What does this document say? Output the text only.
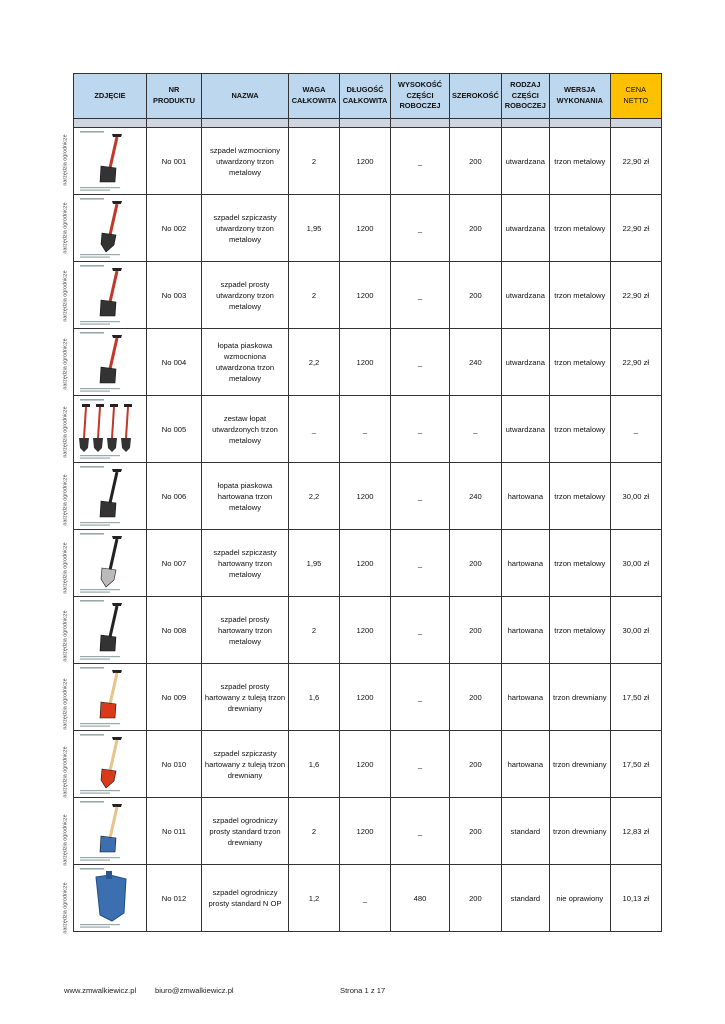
ZDJĘCIE	NR PRODUKTU	NAZWA	WAGA CAŁKOWITA	DŁUGOŚĆ CAŁKOWITA	WYSOKOŚĆ CZĘŚCI ROBOCZEJ	SZEROKOŚĆ	RODZAJ CZĘŚCI ROBOCZEJ	WERSJA WYKONANIA	CENA NETTO

	No 001	szpadel wzmocniony utwardzony trzon metalowy	2	1200	_	200	utwardzana	trzon metalowy	22,90 zł

	No 002	szpadel szpiczasty utwardzony trzon metalowy	1,95	1200	_	200	utwardzana	trzon metalowy	22,90 zł

	No 003	szpadel prosty utwardzony trzon metalowy	2	1200	_	200	utwardzana	trzon metalowy	22,90 zł

	No 004	łopata piaskowa wzmocniona utwardzona trzon metalowy	2,2	1200	_	240	utwardzana	trzon metalowy	22,90 zł

	No 005	zestaw łopat utwardzonych trzon metalowy	_	_	_	_	utwardzana	trzon metalowy	_

	No 006	łopata piaskowa hartowana trzon metalowy	2,2	1200	_	240	hartowana	trzon metalowy	30,00 zł

	No 007	szpadel szpiczasty hartowany trzon metalowy	1,95	1200	_	200	hartowana	trzon metalowy	30,00 zł

	No 008	szpadel prosty hartowany trzon metalowy	2	1200	_	200	hartowana	trzon metalowy	30,00 zł

	No 009	szpadel prosty hartowany z tuleją trzon drewniany	1,6	1200	_	200	hartowana	trzon drewniany	17,50 zł

	No 010	szpadel szpiczasty hartowany z tuleją trzon drewniany	1,6	1200	_	200	hartowana	trzon drewniany	17,50 zł

	No 011	szpadel ogrodniczy prosty standard trzon drewniany	2	1200	_	200	standard	trzon drewniany	12,83 zł

	No 012	szpadel ogrodniczy prosty standard N OP	1,2	_	480	200	standard	nie oprawiony	10,13 zł
narzędzia ogrodnicze
narzędzia ogrodnicze
narzędzia ogrodnicze
narzędzia ogrodnicze
narzędzia ogrodnicze
narzędzia ogrodnicze
narzędzia ogrodnicze
narzędzia ogrodnicze
narzędzia ogrodnicze
narzędzia ogrodnicze
narzędzia ogrodnicze
narzędzia ogrodnicze
www.zmwalkiewicz.pl biuro@zmwalkiewicz.pl	Strona 1 z 17
